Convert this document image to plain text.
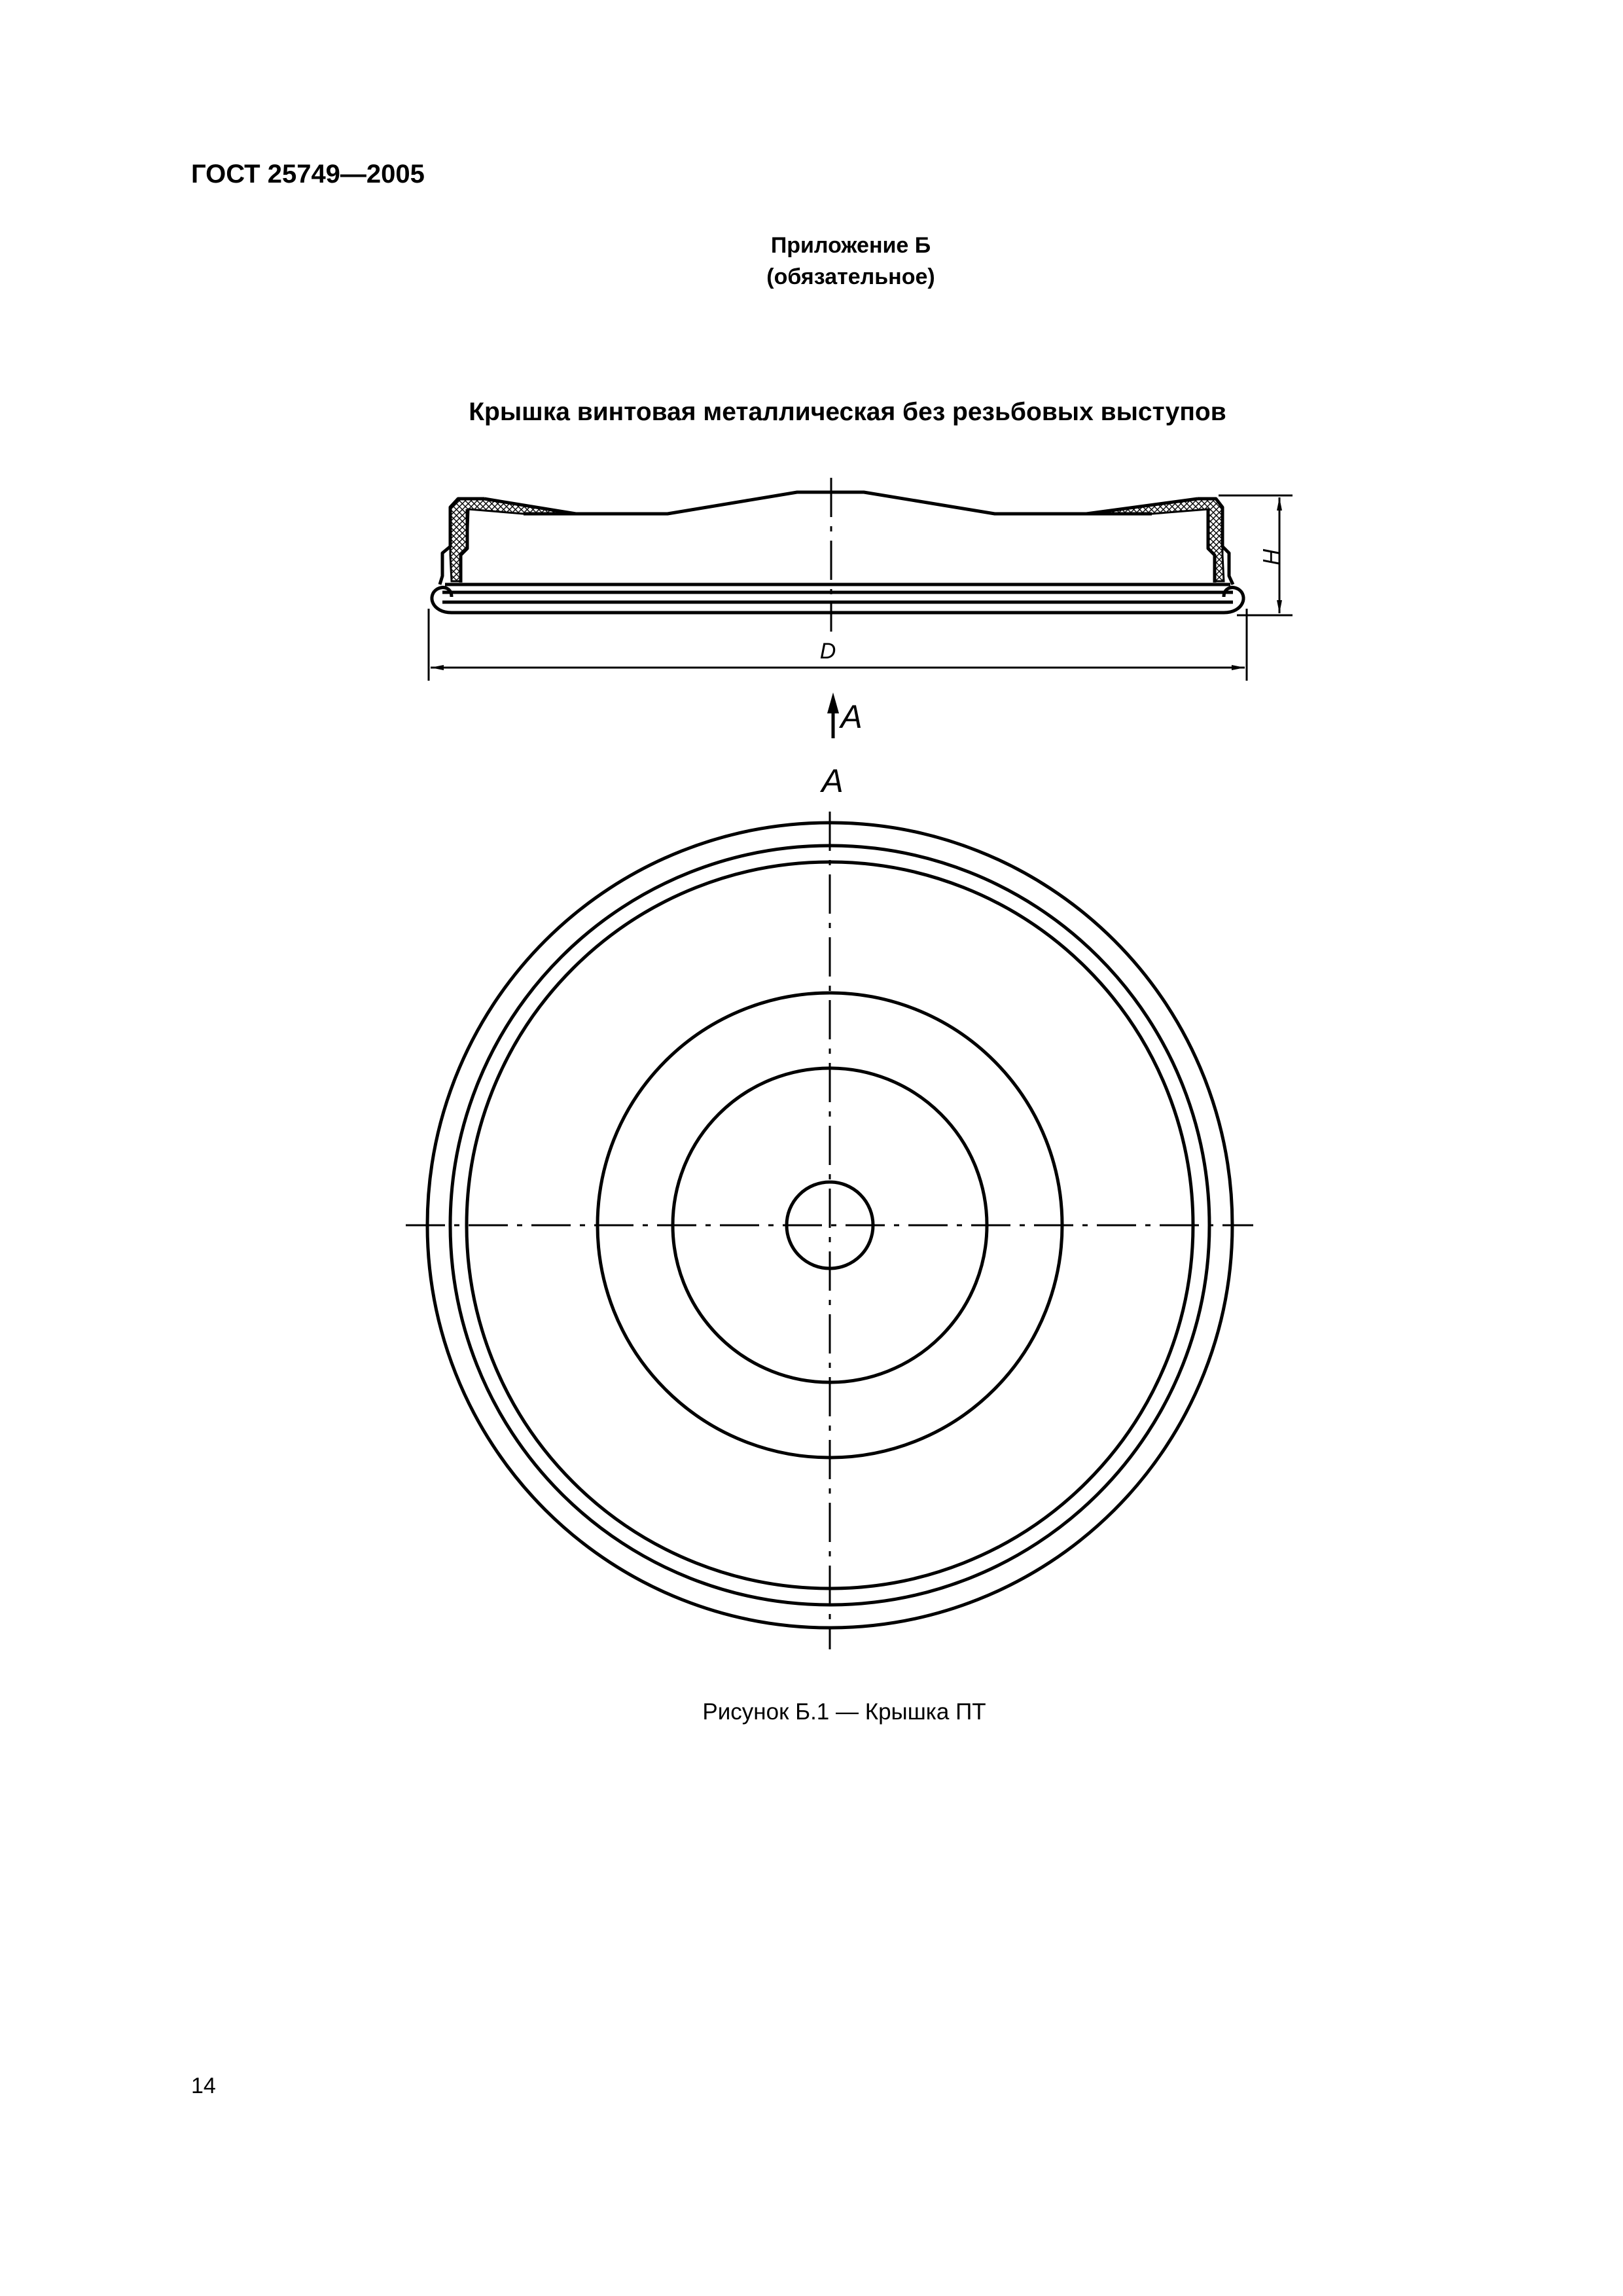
ГОСТ 25749—2005
Приложение Б
(обязательное)
Крышка винтовая металлическая без резьбовых выступов
H
D
A
A
Рисунок Б.1 — Крышка ПТ
14
